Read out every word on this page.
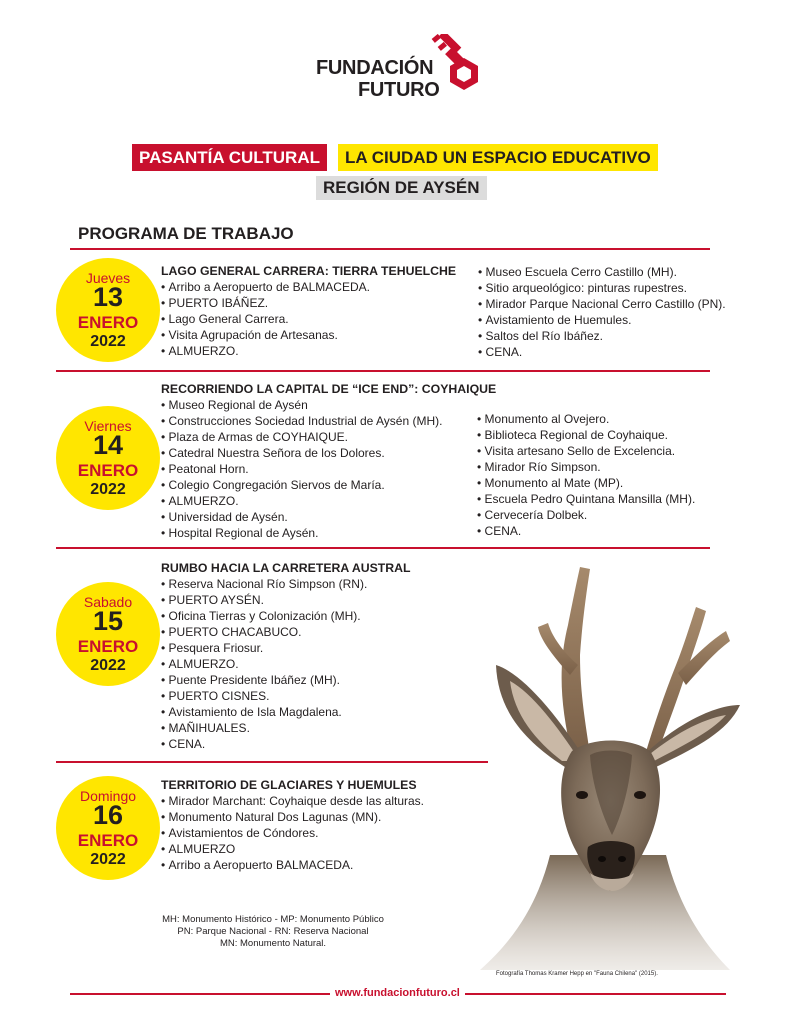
FUNDACIÓN
FUTURO
PASANTÍA CULTURAL	LA CIUDAD UN ESPACIO EDUCATIVO
REGIÓN DE AYSÉN
PROGRAMA DE TRABAJO
Jueves
13
ENERO
2022
LAGO GENERAL CARRERA: TIERRA TEHUELCHE
• Arribo a Aeropuerto de BALMACEDA.
• PUERTO IBÁÑEZ.
• Lago General Carrera.
• Visita Agrupación de Artesanas.
• ALMUERZO.
• Museo Escuela Cerro Castillo (MH).
• Sitio arqueológico: pinturas rupestres.
• Mirador Parque Nacional Cerro Castillo (PN).
• Avistamiento de Huemules.
• Saltos del Río Ibáñez.
• CENA.
Viernes
14
ENERO
2022
RECORRIENDO LA CAPITAL DE “ICE END”: COYHAIQUE
• Museo Regional de Aysén
• Construcciones Sociedad Industrial de Aysén (MH).
• Plaza de Armas de COYHAIQUE.
• Catedral Nuestra Señora de los Dolores.
• Peatonal Horn.
• Colegio Congregación Siervos de María.
• ALMUERZO.
• Universidad de Aysén.
• Hospital Regional de Aysén.
• Monumento al Ovejero.
• Biblioteca Regional de Coyhaique.
• Visita artesano Sello de Excelencia.
• Mirador Río Simpson.
• Monumento al Mate (MP).
• Escuela Pedro Quintana Mansilla (MH).
• Cervecería Dolbek.
• CENA.
Fotografía Thomas Kramer Hepp en "Fauna Chilena" (2015).
Sabado
15
ENERO
2022
RUMBO HACIA LA CARRETERA AUSTRAL
• Reserva Nacional Río Simpson (RN).
• PUERTO AYSÉN.
• Oficina Tierras y Colonización (MH).
• PUERTO CHACABUCO.
• Pesquera Friosur.
• ALMUERZO.
• Puente Presidente Ibáñez (MH).
• PUERTO CISNES.
• Avistamiento de Isla Magdalena.
• MAÑIHUALES.
• CENA.
Domingo
16
ENERO
2022
TERRITORIO DE GLACIARES Y HUEMULES
• Mirador Marchant: Coyhaique desde las alturas.
• Monumento Natural Dos Lagunas (MN).
• Avistamientos de Cóndores.
• ALMUERZO
• Arribo a Aeropuerto BALMACEDA.
MH: Monumento Histórico - MP: Monumento Público
PN: Parque Nacional - RN: Reserva Nacional
MN: Monumento Natural.
www.fundacionfuturo.cl
